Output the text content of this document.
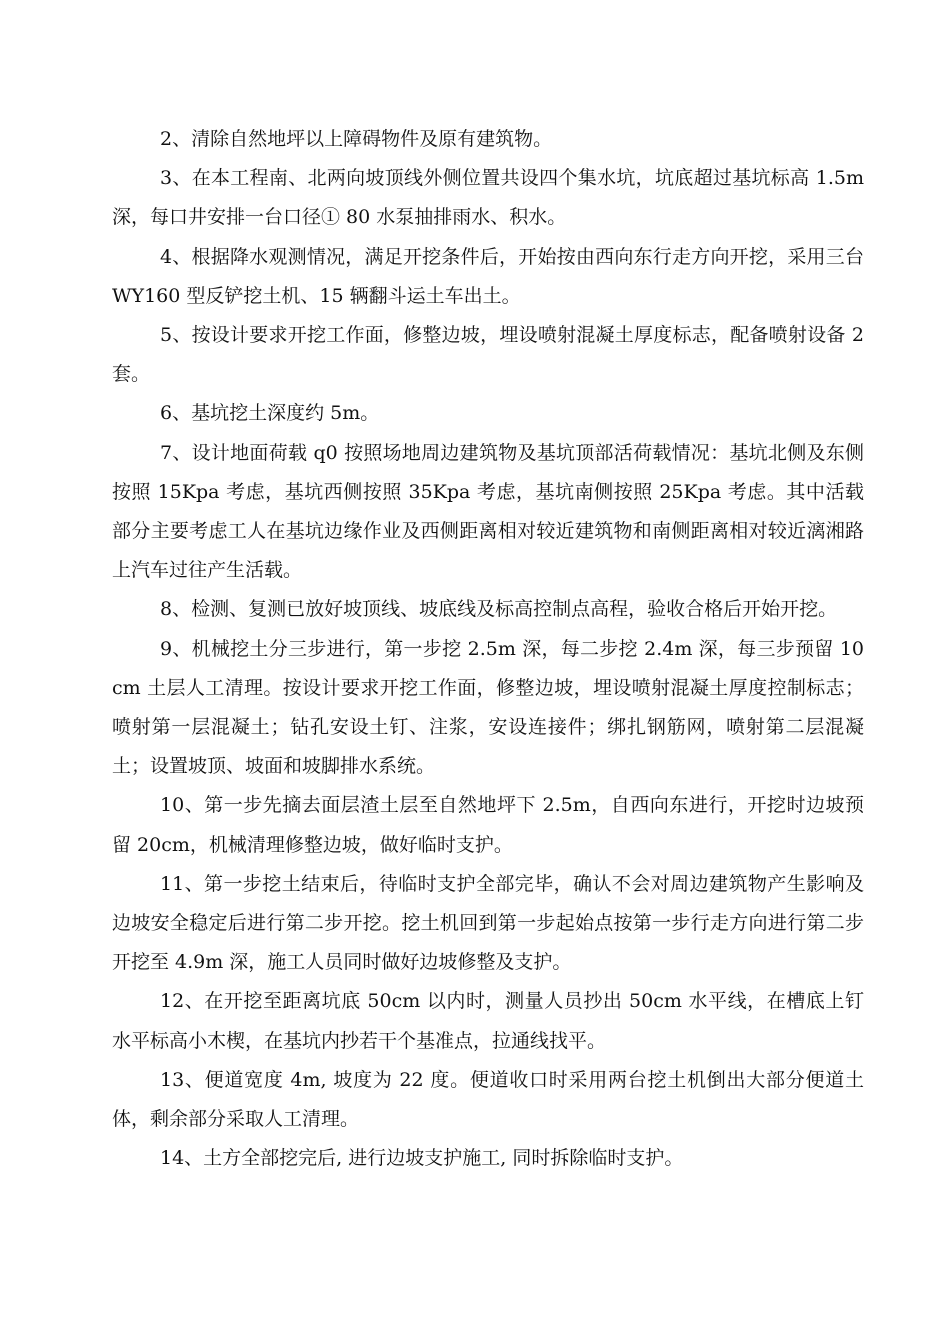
2、清除自然地坪以上障碍物件及原有建筑物。

3、在本工程南、北两向坡顶线外侧位置共设四个集水坑，坑底超过基坑标高 1.5m 深，每口井安排一台口径① 80 水泵抽排雨水、积水。

4、根据降水观测情况，满足开挖条件后，开始按由西向东行走方向开挖，采用三台 WY160 型反铲挖土机、15 辆翻斗运土车出土。

5、按设计要求开挖工作面，修整边坡，埋设喷射混凝土厚度标志，配备喷射设备 2 套。

6、基坑挖土深度约 5m。

7、设计地面荷载 q0 按照场地周边建筑物及基坑顶部活荷载情况：基坑北侧及东侧按照 15Kpa 考虑，基坑西侧按照 35Kpa 考虑，基坑南侧按照 25Kpa 考虑。其中活载部分主要考虑工人在基坑边缘作业及西侧距离相对较近建筑物和南侧距离相对较近漓湘路上汽车过往产生活载。

8、检测、复测已放好坡顶线、坡底线及标高控制点高程，验收合格后开始开挖。

9、机械挖土分三步进行，第一步挖 2.5m 深，每二步挖 2.4m 深，每三步预留 10cm 土层人工清理。按设计要求开挖工作面，修整边坡，埋设喷射混凝土厚度控制标志；喷射第一层混凝土；钻孔安设土钉、注浆，安设连接件；绑扎钢筋网，喷射第二层混凝土；设置坡顶、坡面和坡脚排水系统。

10、第一步先摘去面层渣土层至自然地坪下 2.5m，自西向东进行，开挖时边坡预留 20cm，机械清理修整边坡，做好临时支护。

11、第一步挖土结束后，待临时支护全部完毕，确认不会对周边建筑物产生影响及边坡安全稳定后进行第二步开挖。挖土机回到第一步起始点按第一步行走方向进行第二步开挖至 4.9m 深，施工人员同时做好边坡修整及支护。

12、在开挖至距离坑底 50cm 以内时，测量人员抄出 50cm 水平线，在槽底上钉水平标高小木楔，在基坑内抄若干个基准点，拉通线找平。

13、便道宽度 4m, 坡度为 22 度。便道收口时采用两台挖土机倒出大部分便道土体，剩余部分采取人工清理。

14、土方全部挖完后, 进行边坡支护施工, 同时拆除临时支护。
